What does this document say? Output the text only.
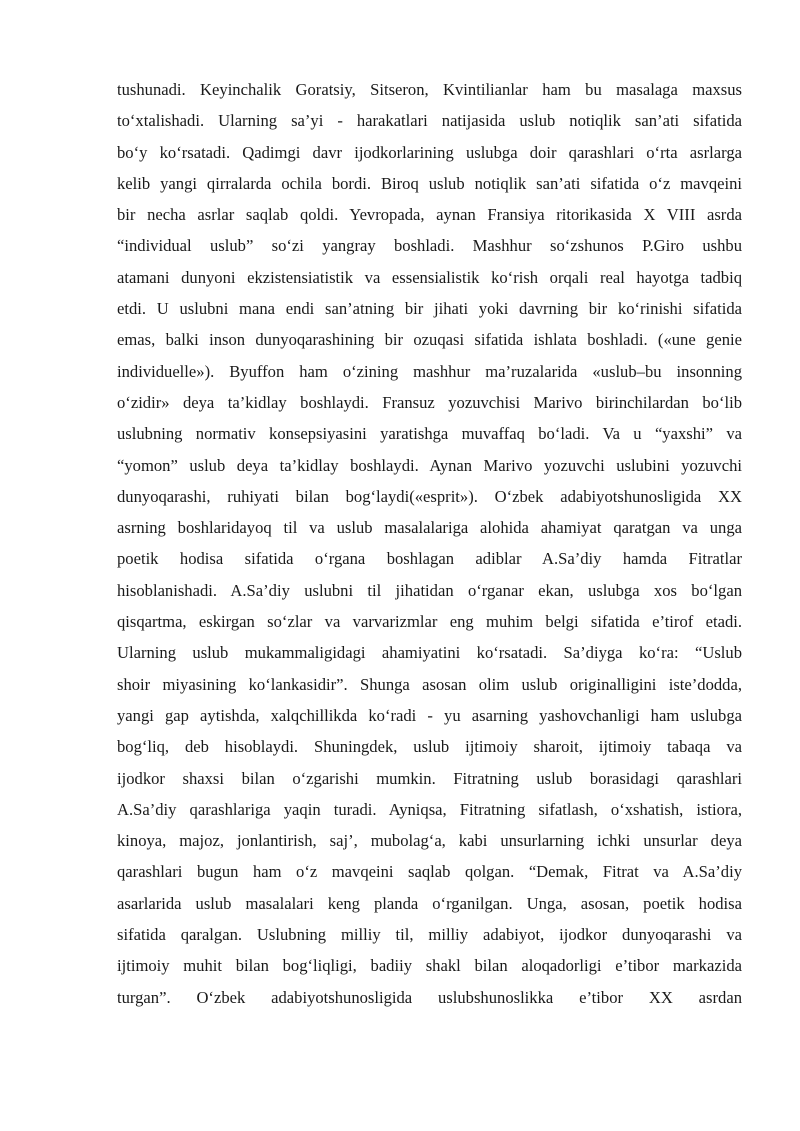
tushunadi. Keyinchalik Goratsiy, Sitseron, Kvintilianlar ham bu masalaga maxsus
to‘xtalishadi. Ularning sa’yi - harakatlari natijasida uslub notiqlik san’ati sifatida
bo‘y ko‘rsatadi. Qadimgi davr ijodkorlarining uslubga doir qarashlari o‘rta asrlarga
kelib yangi qirralarda ochila bordi. Biroq uslub notiqlik san’ati sifatida o‘z mavqeini
bir necha asrlar saqlab qoldi. Yevropada, aynan Fransiya ritorikasida X VIII asrda
“individual uslub” so‘zi yangray boshladi. Mashhur so‘zshunos P.Giro ushbu
atamani dunyoni ekzistensiatistik va essensialistik ko‘rish orqali real hayotga tadbiq
etdi. U uslubni mana endi san’atning bir jihati yoki davrning bir ko‘rinishi sifatida
emas, balki inson dunyoqarashining bir ozuqasi sifatida ishlata boshladi. («une genie
individuelle»). Byuffon ham o‘zining mashhur ma’ruzalarida «uslub–bu insonning
o‘zidir» deya ta’kidlay boshlaydi. Fransuz yozuvchisi Marivo birinchilardan bo‘lib
uslubning normativ konsepsiyasini yaratishga muvaffaq bo‘ladi. Va u “yaxshi” va
“yomon” uslub deya ta’kidlay boshlaydi. Aynan Marivo yozuvchi uslubini yozuvchi
dunyoqarashi, ruhiyati bilan bog‘laydi(«esprit»). O‘zbek adabiyotshunosligida XX
asrning boshlaridayoq til va uslub masalalariga alohida ahamiyat qaratgan va unga
poetik hodisa sifatida o‘rgana boshlagan adiblar A.Sa’diy hamda Fitratlar
hisoblanishadi. A.Sa’diy uslubni til jihatidan o‘rganar ekan, uslubga xos bo‘lgan
qisqartma, eskirgan so‘zlar va varvarizmlar eng muhim belgi sifatida e’tirof etadi.
Ularning uslub mukammaligidagi ahamiyatini ko‘rsatadi. Sa’diyga ko‘ra: “Uslub
shoir miyasining ko‘lankasidir”. Shunga asosan olim uslub originalligini iste’dodda,
yangi gap aytishda, xalqchillikda ko‘radi - yu asarning yashovchanligi ham uslubga
bog‘liq, deb hisoblaydi. Shuningdek, uslub ijtimoiy sharoit, ijtimoiy tabaqa va
ijodkor shaxsi bilan o‘zgarishi mumkin. Fitratning uslub borasidagi qarashlari
A.Sa’diy qarashlariga yaqin turadi. Ayniqsa, Fitratning sifatlash, o‘xshatish, istiora,
kinoya, majoz, jonlantirish, saj’, mubolag‘a, kabi unsurlarning ichki unsurlar deya
qarashlari bugun ham o‘z mavqeini saqlab qolgan. “Demak, Fitrat va A.Sa’diy
asarlarida uslub masalalari keng planda o‘rganilgan. Unga, asosan, poetik hodisa
sifatida qaralgan. Uslubning milliy til, milliy adabiyot, ijodkor dunyoqarashi va
ijtimoiy muhit bilan bog‘liqligi, badiiy shakl bilan aloqadorligi e’tibor markazida
turgan”. O‘zbek adabiyotshunosligida uslubshunoslikka e’tibor XX asrdan
